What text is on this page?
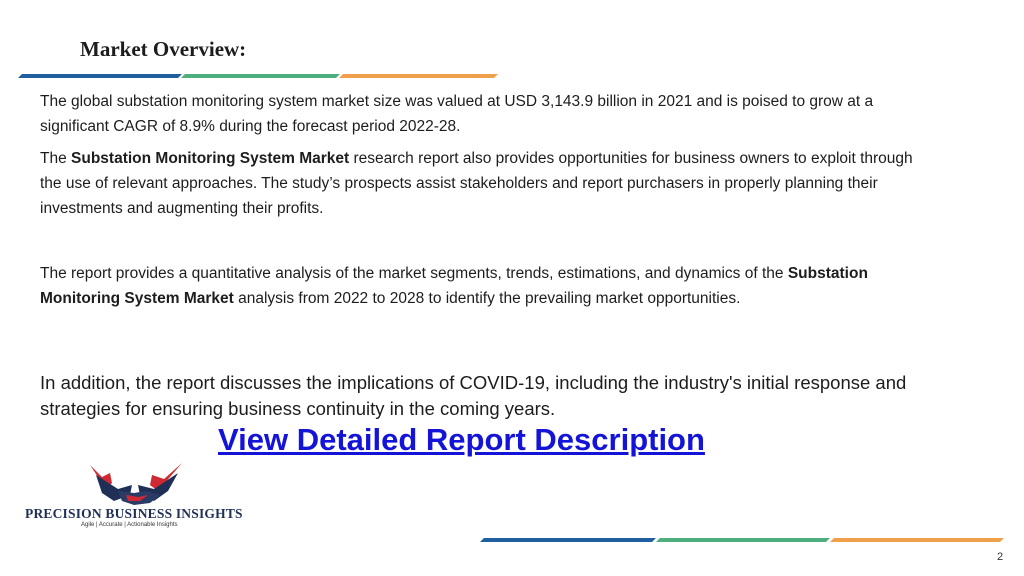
Market Overview:

The global substation monitoring system market size was valued at USD 3,143.9 billion in 2021 and is poised to grow at a significant CAGR of 8.9% during the forecast period 2022-28.

The Substation Monitoring System Market research report also provides opportunities for business owners to exploit through the use of relevant approaches. The study’s prospects assist stakeholders and report purchasers in properly planning their investments and augmenting their profits.

The report provides a quantitative analysis of the market segments, trends, estimations, and dynamics of the Substation Monitoring System Market analysis from 2022 to 2028 to identify the prevailing market opportunities.

In addition, the report discusses the implications of COVID-19, including the industry's initial response and strategies for ensuring business continuity in the coming years.

View Detailed Report Description
PRECISION BUSINESS INSIGHTS
Agile | Accurate | Actionable Insights
2
